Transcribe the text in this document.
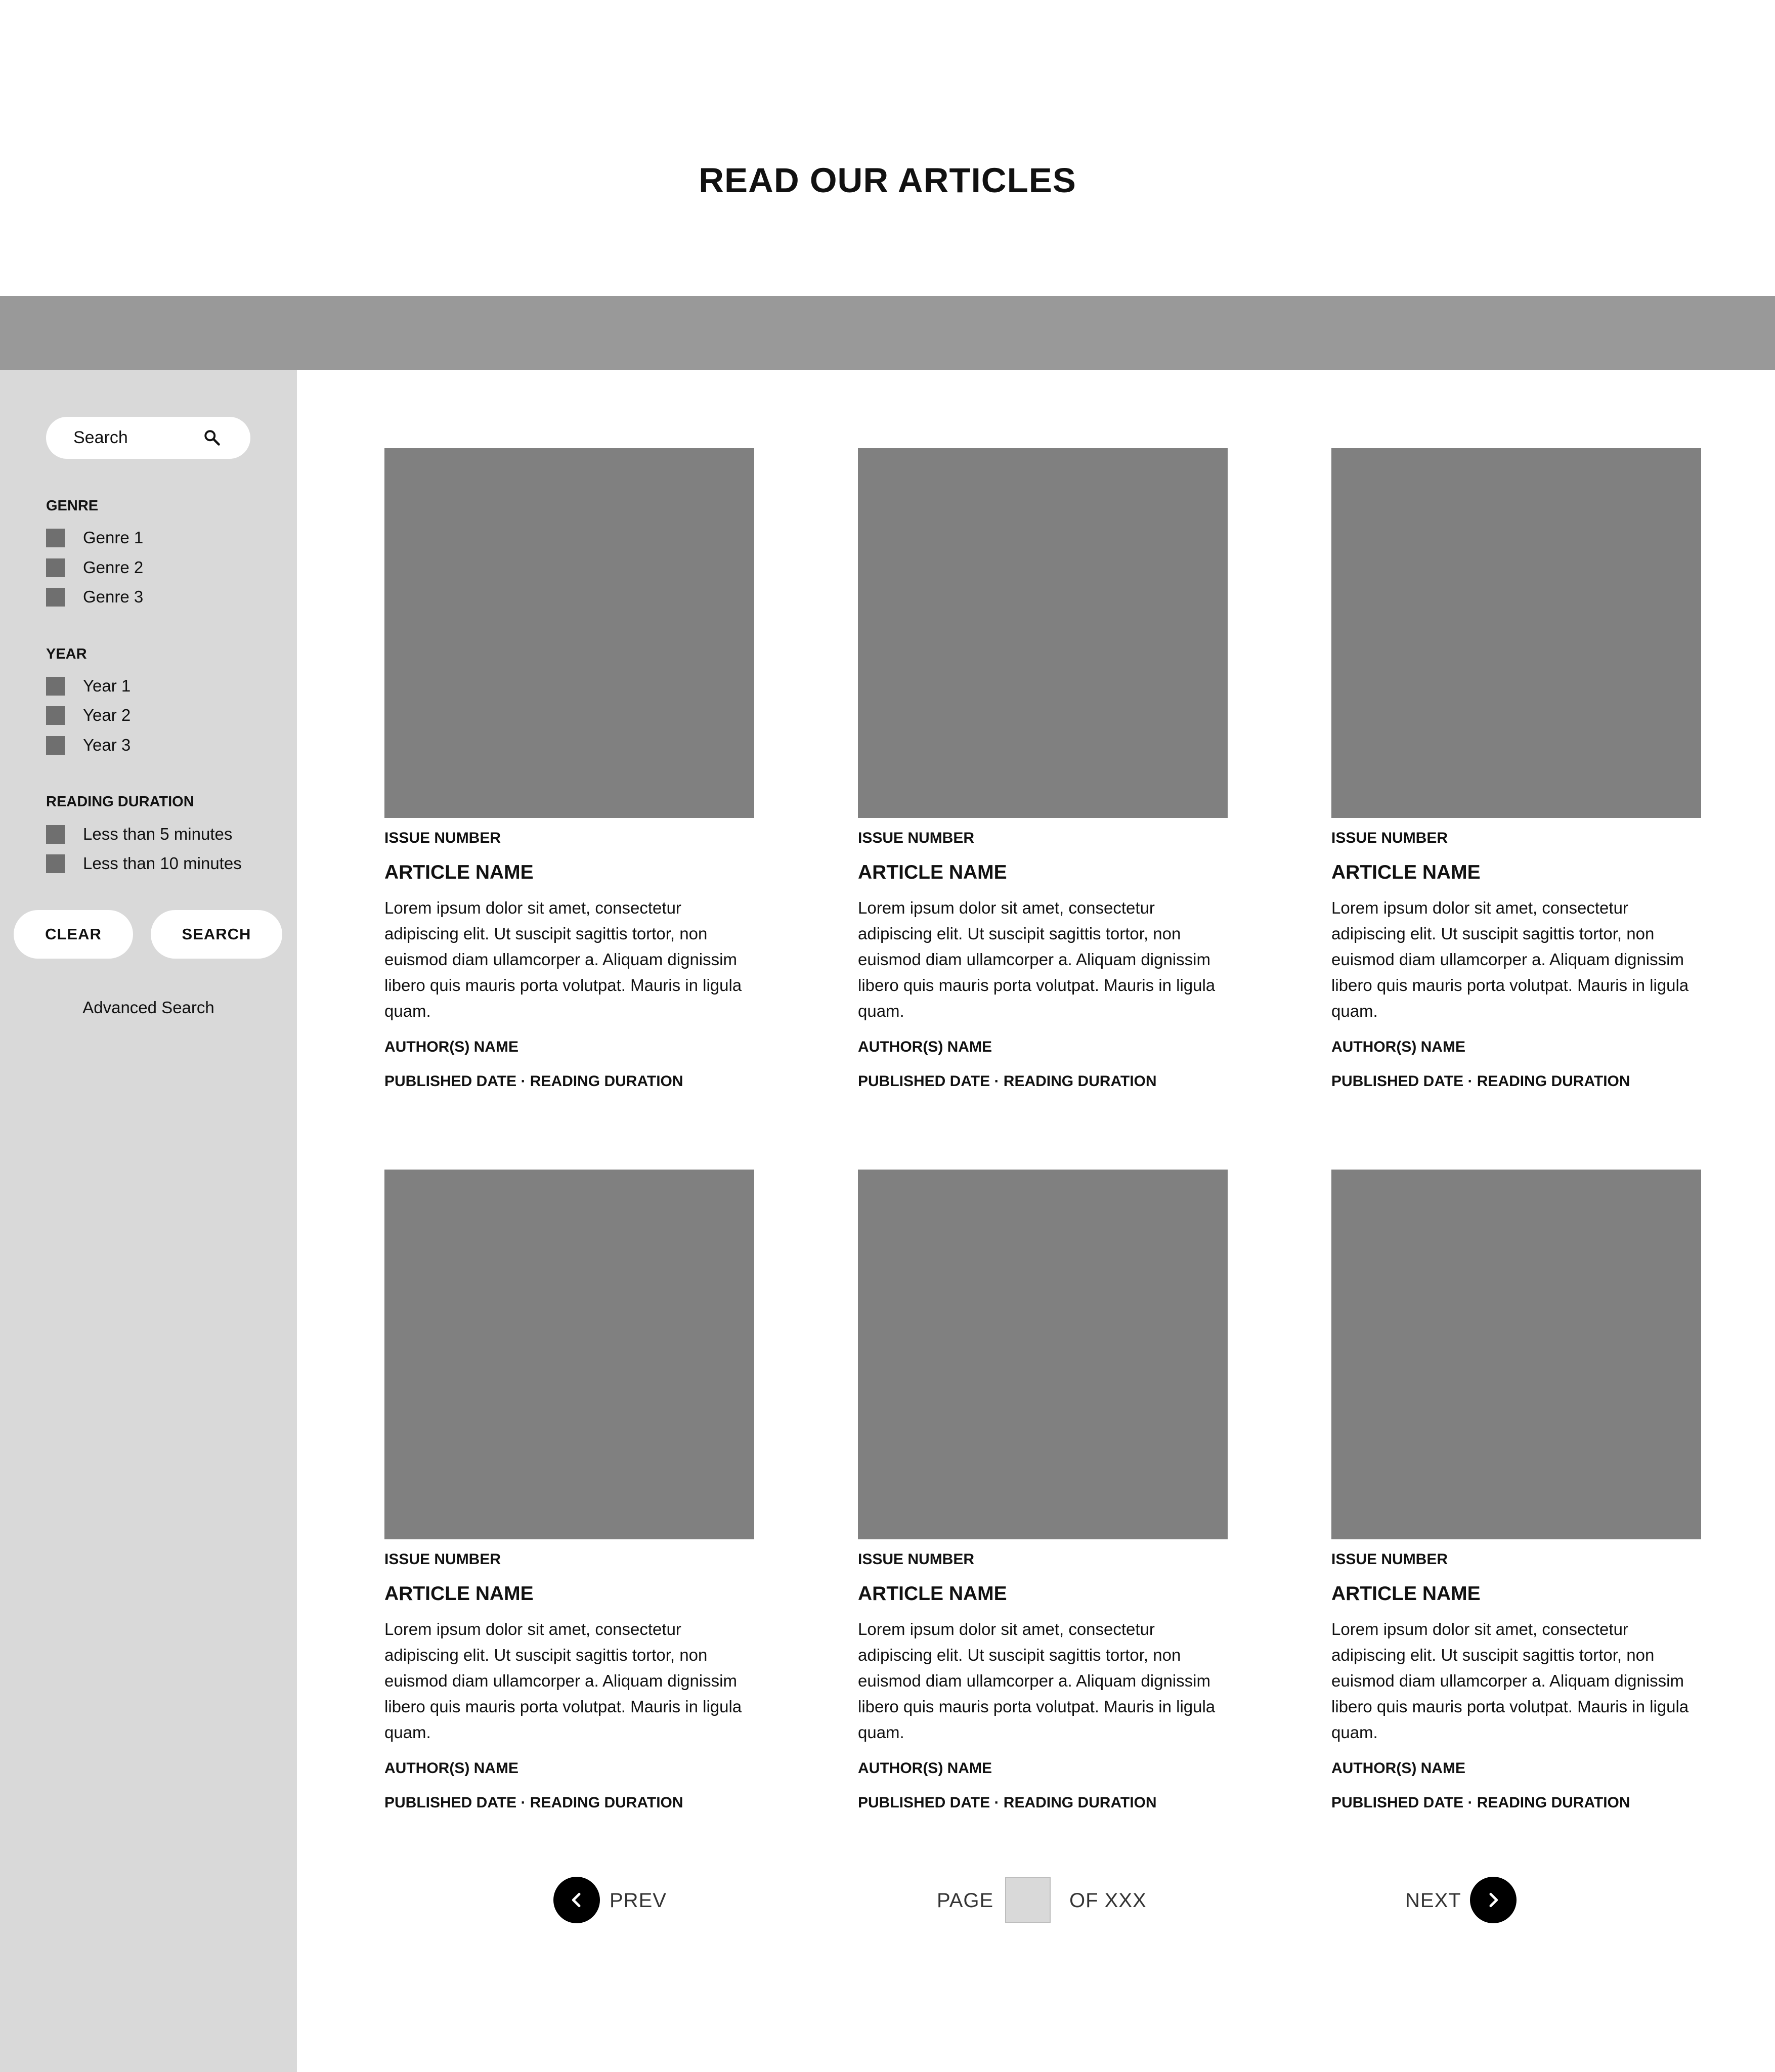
READ OUR ARTICLES
Search
GENRE
Genre 1
Genre 2
Genre 3
YEAR
Year 1
Year 2
Year 3
READING DURATION
Less than 5 minutes
Less than 10 minutes
CLEAR	SEARCH
Advanced Search
ISSUE NUMBER
ARTICLE NAME
Lorem ipsum dolor sit amet, consectetur adipiscing elit. Ut suscipit sagittis tortor, non euismod diam ullamcorper a. Aliquam dignissim libero quis mauris porta volutpat. Mauris in ligula quam.
AUTHOR(S) NAME
PUBLISHED DATE · READING DURATION
ISSUE NUMBER
ARTICLE NAME
Lorem ipsum dolor sit amet, consectetur adipiscing elit. Ut suscipit sagittis tortor, non euismod diam ullamcorper a. Aliquam dignissim libero quis mauris porta volutpat. Mauris in ligula quam.
AUTHOR(S) NAME
PUBLISHED DATE · READING DURATION
ISSUE NUMBER
ARTICLE NAME
Lorem ipsum dolor sit amet, consectetur adipiscing elit. Ut suscipit sagittis tortor, non euismod diam ullamcorper a. Aliquam dignissim libero quis mauris porta volutpat. Mauris in ligula quam.
AUTHOR(S) NAME
PUBLISHED DATE · READING DURATION
ISSUE NUMBER
ARTICLE NAME
Lorem ipsum dolor sit amet, consectetur adipiscing elit. Ut suscipit sagittis tortor, non euismod diam ullamcorper a. Aliquam dignissim libero quis mauris porta volutpat. Mauris in ligula quam.
AUTHOR(S) NAME
PUBLISHED DATE · READING DURATION
ISSUE NUMBER
ARTICLE NAME
Lorem ipsum dolor sit amet, consectetur adipiscing elit. Ut suscipit sagittis tortor, non euismod diam ullamcorper a. Aliquam dignissim libero quis mauris porta volutpat. Mauris in ligula quam.
AUTHOR(S) NAME
PUBLISHED DATE · READING DURATION
ISSUE NUMBER
ARTICLE NAME
Lorem ipsum dolor sit amet, consectetur adipiscing elit. Ut suscipit sagittis tortor, non euismod diam ullamcorper a. Aliquam dignissim libero quis mauris porta volutpat. Mauris in ligula quam.
AUTHOR(S) NAME
PUBLISHED DATE · READING DURATION
PREV	PAGE	OF XXX	NEXT
